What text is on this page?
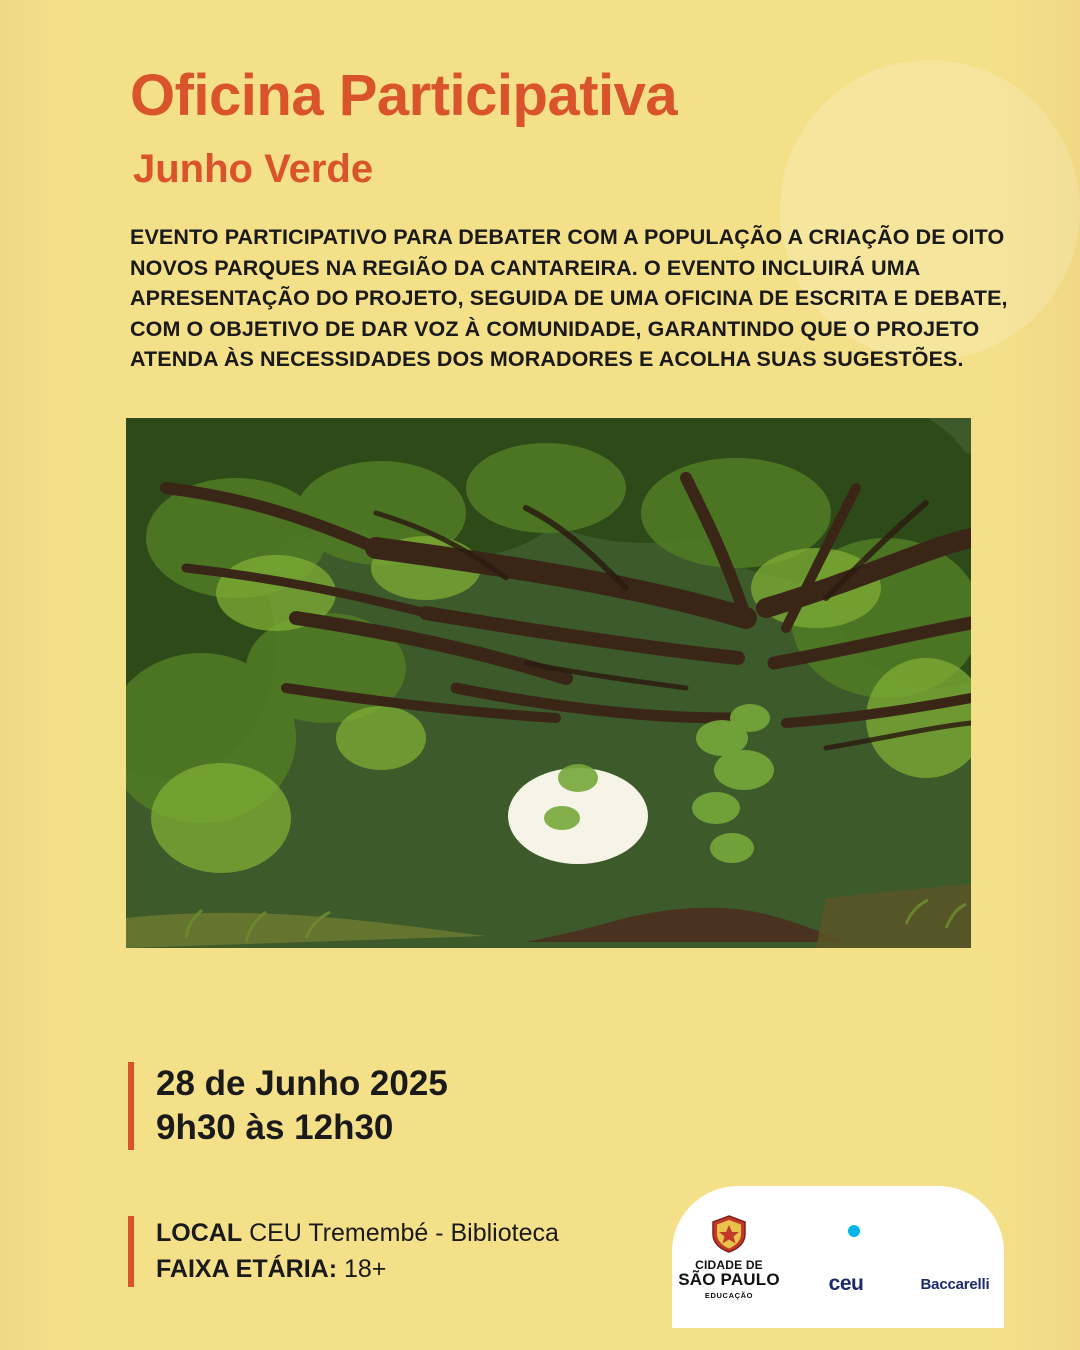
Oficina Participativa
Junho Verde
EVENTO PARTICIPATIVO PARA DEBATER COM A POPULAÇÃO A CRIAÇÃO DE OITO NOVOS PARQUES NA REGIÃO DA CANTAREIRA. O EVENTO INCLUIRÁ UMA APRESENTAÇÃO DO PROJETO, SEGUIDA DE UMA OFICINA DE ESCRITA E DEBATE, COM O OBJETIVO DE DAR VOZ À COMUNIDADE, GARANTINDO QUE O PROJETO ATENDA ÀS NECESSIDADES DOS MORADORES E ACOLHA SUAS SUGESTÕES.
28 de Junho 2025
9h30 às 12h30
LOCAL CEU Tremembé - Biblioteca
FAIXA ETÁRIA: 18+	CIDADE DE
SÃO PAULO
EDUCAÇÃO
ceu	Baccarelli
